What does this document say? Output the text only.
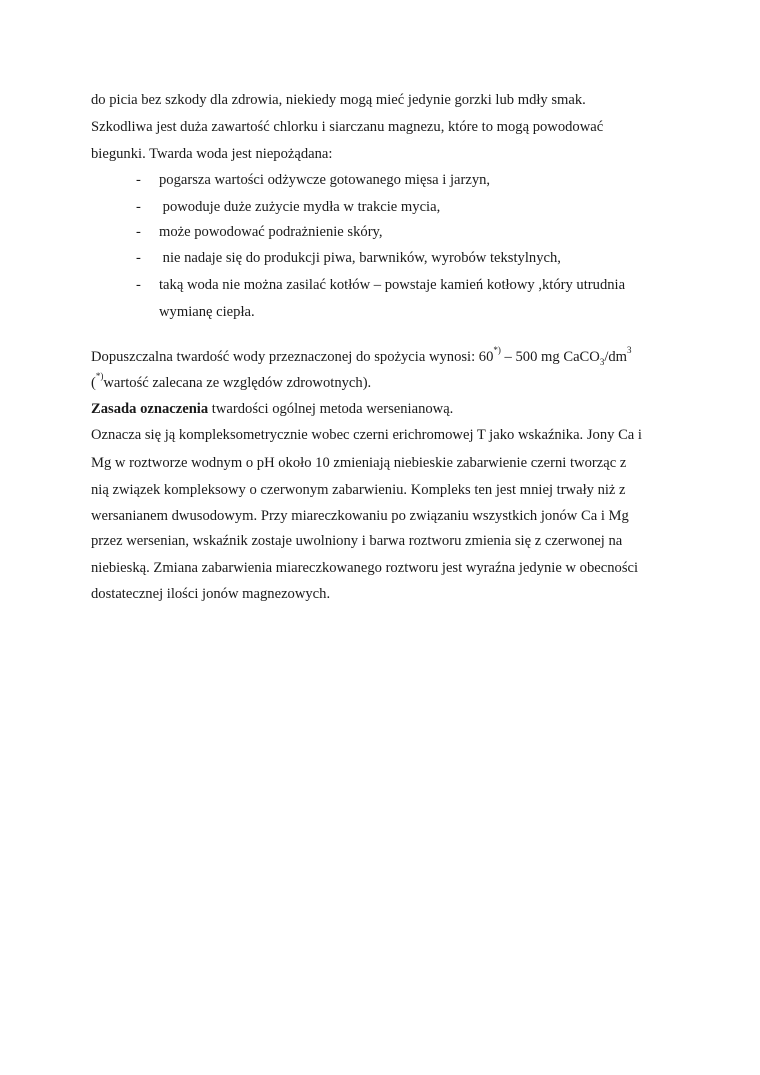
do picia bez szkody dla zdrowia, niekiedy mogą mieć jedynie gorzki lub mdły smak.
Szkodliwa jest duża zawartość chlorku i siarczanu magnezu, które to mogą powodować
biegunki. Twarda woda jest niepożądana:
- pogarsza wartości odżywcze gotowanego mięsa i jarzyn,
- powoduje duże zużycie mydła w trakcie mycia,
- może powodować podrażnienie skóry,
- nie nadaje się do produkcji piwa, barwników, wyrobów tekstylnych,
- taką woda nie można zasilać kotłów – powstaje kamień kotłowy ,który utrudnia
wymianę ciepła.
Dopuszczalna twardość wody przeznaczonej do spożycia wynosi: 60*) – 500 mg $CaCO_3/dm^3$
(*)wartość zalecana ze względów zdrowotnych).
Zasada oznaczenia twardości ogólnej metoda wersenianową.
Oznacza się ją kompleksometrycznie wobec czerni erichromowej T jako wskaźnika. Jony Ca i
Mg w roztworze wodnym o pH około 10 zmieniają niebieskie zabarwienie czerni tworząc z
nią związek kompleksowy o czerwonym zabarwieniu. Kompleks ten jest mniej trwały niż z
wersanianem dwusodowym. Przy miareczkowaniu po związaniu wszystkich jonów Ca i Mg
przez wersenian, wskaźnik zostaje uwolniony i barwa roztworu zmienia się z czerwonej na
niebieską. Zmiana zabarwienia miareczkowanego roztworu jest wyraźna jedynie w obecności
dostatecznej ilości jonów magnezowych.
